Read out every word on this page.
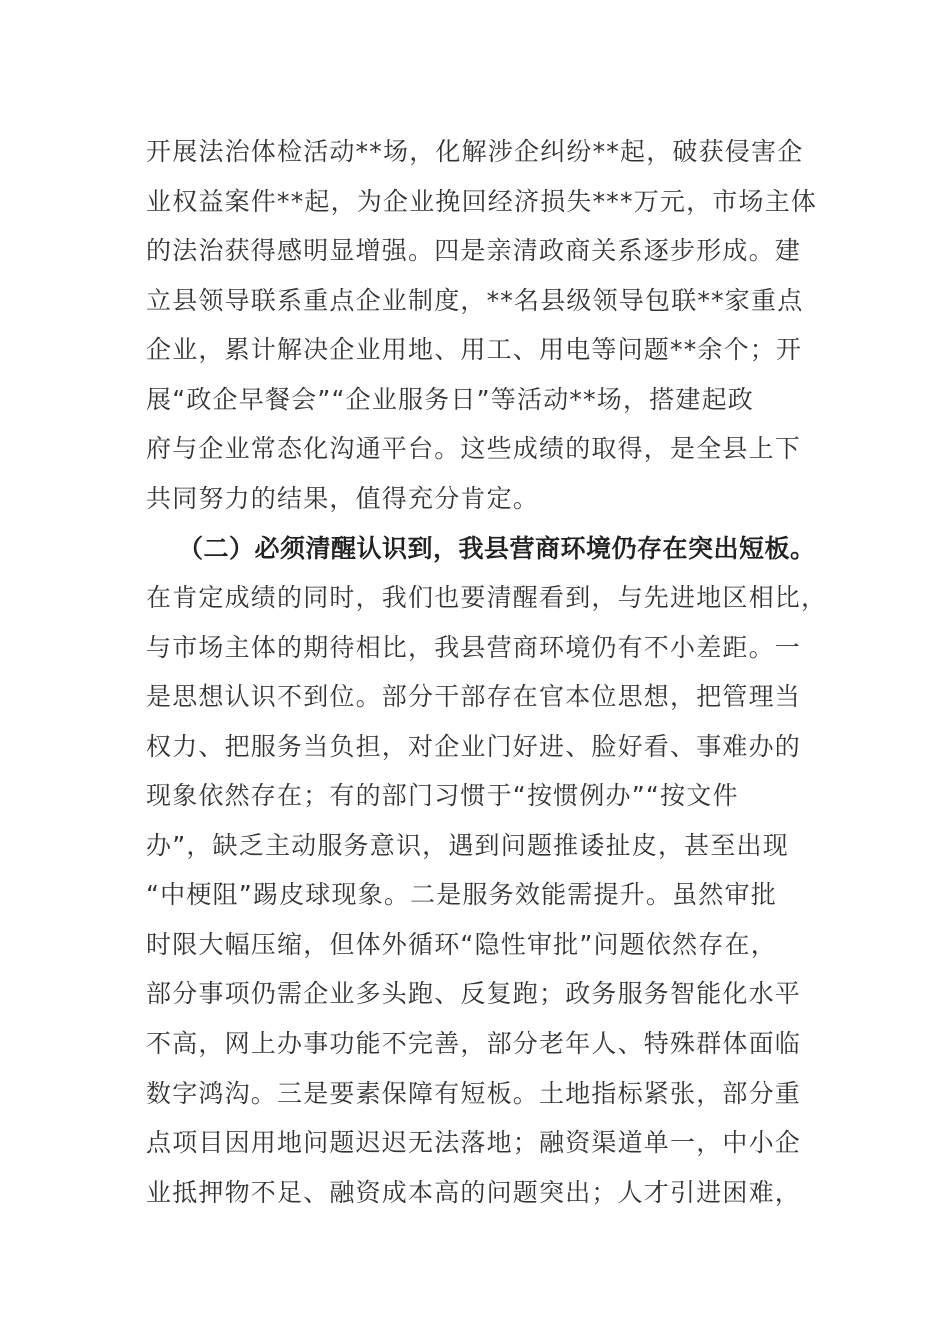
开展法治体检活动**场，化解涉企纠纷**起，破获侵害企
业权益案件**起，为企业挽回经济损失***万元，市场主体
的法治获得感明显增强。四是亲清政商关系逐步形成。建
立县领导联系重点企业制度，**名县级领导包联**家重点
企业，累计解决企业用地、用工、用电等问题**余个；开
展“政企早餐会”“企业服务日”等活动**场，搭建起政
府与企业常态化沟通平台。这些成绩的取得，是全县上下
共同努力的结果，值得充分肯定。
（二）必须清醒认识到，我县营商环境仍存在突出短板。
在肯定成绩的同时，我们也要清醒看到，与先进地区相比，
与市场主体的期待相比，我县营商环境仍有不小差距。一
是思想认识不到位。部分干部存在官本位思想，把管理当
权力、把服务当负担，对企业门好进、脸好看、事难办的
现象依然存在；有的部门习惯于“按惯例办”“按文件
办”，缺乏主动服务意识，遇到问题推诿扯皮，甚至出现
“中梗阻”踢皮球现象。二是服务效能需提升。虽然审批
时限大幅压缩，但体外循环“隐性审批”问题依然存在，
部分事项仍需企业多头跑、反复跑；政务服务智能化水平
不高，网上办事功能不完善，部分老年人、特殊群体面临
数字鸿沟。三是要素保障有短板。土地指标紧张，部分重
点项目因用地问题迟迟无法落地；融资渠道单一，中小企
业抵押物不足、融资成本高的问题突出；人才引进困难，
